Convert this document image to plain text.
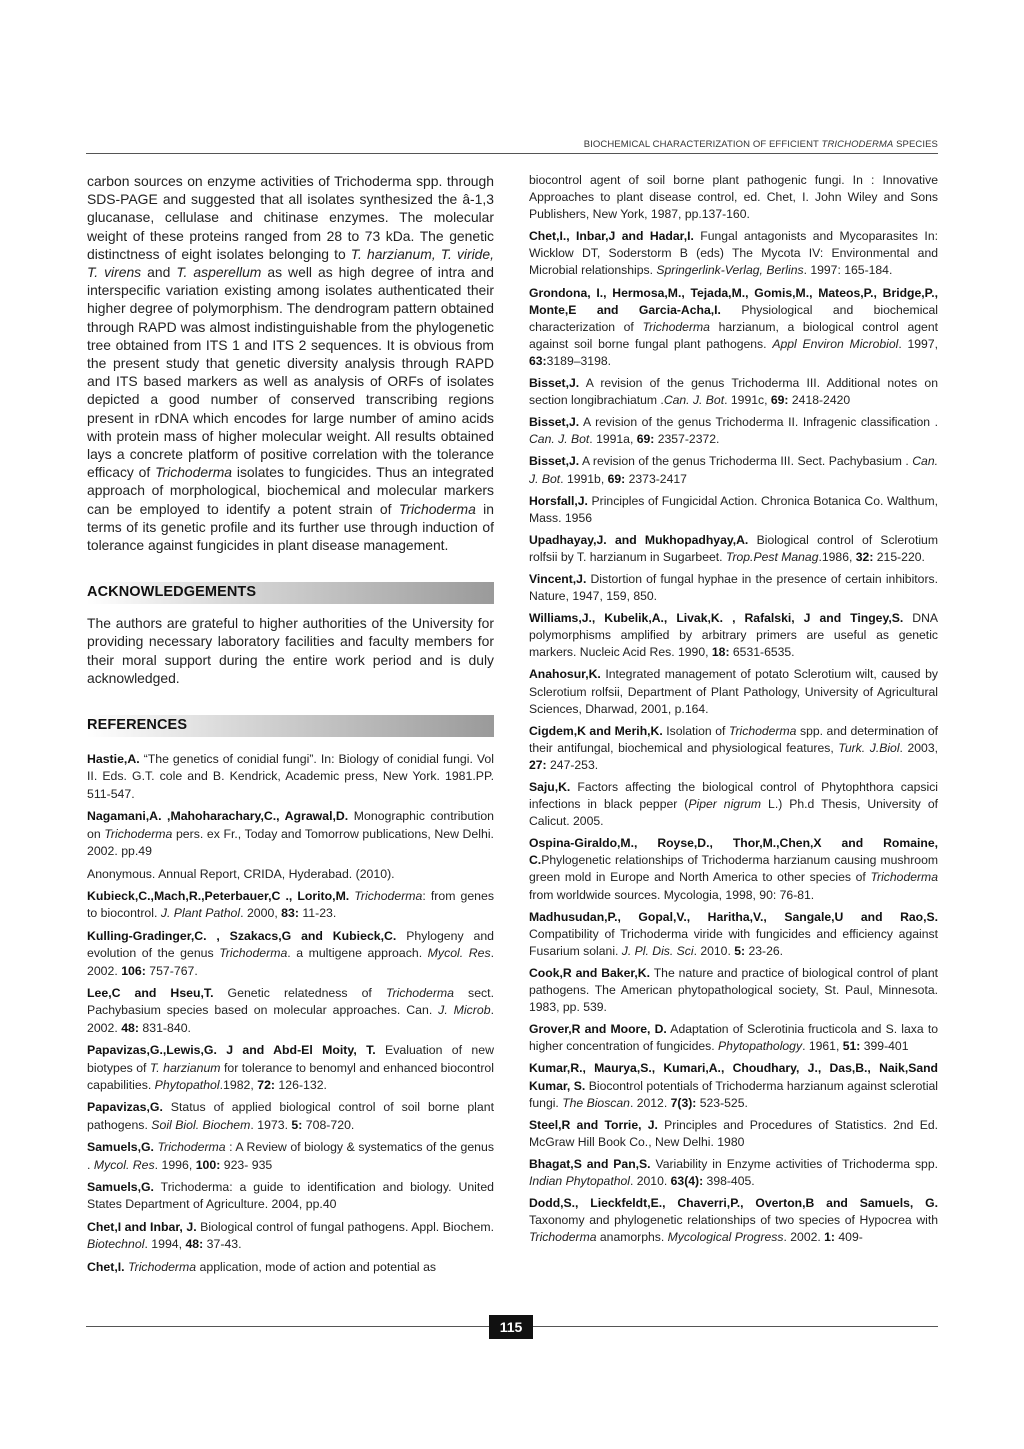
BIOCHEMICAL CHARACTERIZATION OF EFFICIENT TRICHODERMA SPECIES

carbon sources on enzyme activities of Trichoderma spp. through SDS-PAGE and suggested that all isolates synthesized the â-1,3 glucanase, cellulase and chitinase enzymes. The molecular weight of these proteins ranged from 28 to 73 kDa. The genetic distinctness of eight isolates belonging to T. harzianum, T. viride, T. virens and T. asperellum as well as high degree of intra and interspecific variation existing among isolates authenticated their higher degree of polymorphism. The dendrogram pattern obtained through RAPD was almost indistinguishable from the phylogenetic tree obtained from ITS 1 and ITS 2 sequences. It is obvious from the present study that genetic diversity analysis through RAPD and ITS based markers as well as analysis of ORFs of isolates depicted a good number of conserved transcribing regions present in rDNA which encodes for large number of amino acids with protein mass of higher molecular weight. All results obtained lays a concrete platform of positive correlation with the tolerance efficacy of Trichoderma isolates to fungicides. Thus an integrated approach of morphological, biochemical and molecular markers can be employed to identify a potent strain of Trichoderma in terms of its genetic profile and its further use through induction of tolerance against fungicides in plant disease management.

ACKNOWLEDGEMENTS

The authors are grateful to higher authorities of the University for providing necessary laboratory facilities and faculty members for their moral support during the entire work period and is duly acknowledged.

REFERENCES

Hastie,A. “The genetics of conidial fungi”. In: Biology of conidial fungi. Vol II. Eds. G.T. cole and B. Kendrick, Academic press, New York. 1981.PP. 511-547.

Nagamani,A. ,Mahoharachary,C., Agrawal,D. Monographic contribution on Trichoderma pers. ex Fr., Today and Tomorrow publications, New Delhi. 2002. pp.49

Anonymous. Annual Report, CRIDA, Hyderabad. (2010).

Kubieck,C.,Mach,R.,Peterbauer,C ., Lorito,M. Trichoderma: from genes to biocontrol. J. Plant Pathol. 2000, 83: 11-23.

Kulling-Gradinger,C. , Szakacs,G and Kubieck,C. Phylogeny and evolution of the genus Trichoderma. a multigene approach. Mycol. Res. 2002. 106: 757-767.

Lee,C and Hseu,T. Genetic relatedness of Trichoderma sect. Pachybasium species based on molecular approaches. Can. J. Microb. 2002. 48: 831-840.

Papavizas,G.,Lewis,G. J and Abd-El Moity, T. Evaluation of new biotypes of T. harzianum for tolerance to benomyl and enhanced biocontrol capabilities. Phytopathol.1982, 72: 126-132.

Papavizas,G. Status of applied biological control of soil borne plant pathogens. Soil Biol. Biochem. 1973. 5: 708-720.

Samuels,G. Trichoderma : A Review of biology & systematics of the genus . Mycol. Res. 1996, 100: 923- 935

Samuels,G. Trichoderma: a guide to identification and biology. United States Department of Agriculture. 2004, pp.40

Chet,I and Inbar, J. Biological control of fungal pathogens. Appl. Biochem. Biotechnol. 1994, 48: 37-43.

Chet,I. Trichoderma application, mode of action and potential as

biocontrol agent of soil borne plant pathogenic fungi. In : Innovative Approaches to plant disease control, ed. Chet, I. John Wiley and Sons Publishers, New York, 1987, pp.137-160.

Chet,I., Inbar,J and Hadar,I. Fungal antagonists and Mycoparasites In: Wicklow DT, Soderstorm B (eds) The Mycota IV: Environmental and Microbial relationships. Springerlink-Verlag, Berlins. 1997: 165-184.

Grondona, I., Hermosa,M., Tejada,M., Gomis,M., Mateos,P., Bridge,P., Monte,E and Garcia-Acha,I. Physiological and biochemical characterization of Trichoderma harzianum, a biological control agent against soil borne fungal plant pathogens. Appl Environ Microbiol. 1997, 63:3189–3198.

Bisset,J. A revision of the genus Trichoderma III. Additional notes on section longibrachiatum .Can. J. Bot. 1991c, 69: 2418-2420

Bisset,J. A revision of the genus Trichoderma II. Infragenic classification . Can. J. Bot. 1991a, 69: 2357-2372.

Bisset,J. A revision of the genus Trichoderma III. Sect. Pachybasium . Can. J. Bot. 1991b, 69: 2373-2417

Horsfall,J. Principles of Fungicidal Action. Chronica Botanica Co. Walthum, Mass. 1956

Upadhayay,J. and Mukhopadhyay,A. Biological control of Sclerotium rolfsii by T. harzianum in Sugarbeet. Trop.Pest Manag.1986, 32: 215-220.

Vincent,J. Distortion of fungal hyphae in the presence of certain inhibitors. Nature, 1947, 159, 850.

Williams,J., Kubelik,A., Livak,K. , Rafalski, J and Tingey,S. DNA polymorphisms amplified by arbitrary primers are useful as genetic markers. Nucleic Acid Res. 1990, 18: 6531-6535.

Anahosur,K. Integrated management of potato Sclerotium wilt, caused by Sclerotium rolfsii, Department of Plant Pathology, University of Agricultural Sciences, Dharwad, 2001, p.164.

Cigdem,K and Merih,K. Isolation of Trichoderma spp. and determination of their antifungal, biochemical and physiological features, Turk. J.Biol. 2003, 27: 247-253.

Saju,K. Factors affecting the biological control of Phytophthora capsici infections in black pepper (Piper nigrum L.) Ph.d Thesis, University of Calicut. 2005.

Ospina-Giraldo,M., Royse,D., Thor,M.,Chen,X and Romaine, C.Phylogenetic relationships of Trichoderma harzianum causing mushroom green mold in Europe and North America to other species of Trichoderma from worldwide sources. Mycologia, 1998, 90: 76-81.

Madhusudan,P., Gopal,V., Haritha,V., Sangale,U and Rao,S. Compatibility of Trichoderma viride with fungicides and efficiency against Fusarium solani. J. Pl. Dis. Sci. 2010. 5: 23-26.

Cook,R and Baker,K. The nature and practice of biological control of plant pathogens. The American phytopathological society, St. Paul, Minnesota. 1983, pp. 539.

Grover,R and Moore, D. Adaptation of Sclerotinia fructicola and S. laxa to higher concentration of fungicides. Phytopathology. 1961, 51: 399-401

Kumar,R., Maurya,S., Kumari,A., Choudhary, J., Das,B., Naik,Sand Kumar, S. Biocontrol potentials of Trichoderma harzianum against sclerotial fungi. The Bioscan. 2012. 7(3): 523-525.

Steel,R and Torrie, J. Principles and Procedures of Statistics. 2nd Ed. McGraw Hill Book Co., New Delhi. 1980

Bhagat,S and Pan,S. Variability in Enzyme activities of Trichoderma spp. Indian Phytopathol. 2010. 63(4): 398-405.

Dodd,S., Lieckfeldt,E., Chaverri,P., Overton,B and Samuels, G. Taxonomy and phylogenetic relationships of two species of Hypocrea with Trichoderma anamorphs. Mycological Progress. 2002. 1: 409-

115
